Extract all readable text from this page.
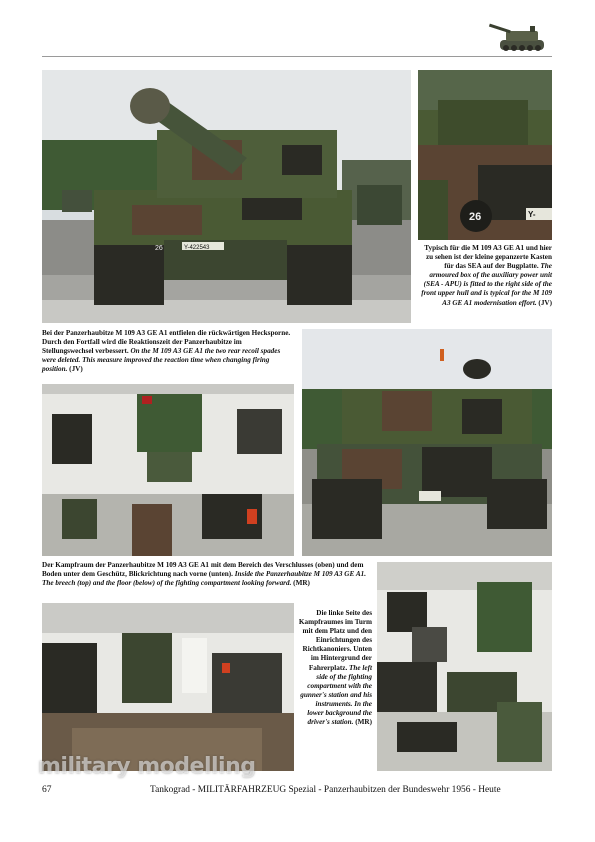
Y-422543
26
26	Y-
Typisch für die M 109 A3 GE A1 und hier zu sehen ist der kleine gepanzerte Kasten für das SEA auf der Bugplatte. The armoured box of the auxiliary power unit (SEA - APU) is fitted to the right side of the front upper hull and is typical for the M 109 A3 GE A1 modernisation effort. (JV)
Bei der Panzerhaubitze M 109 A3 GE A1 entfielen die rückwärtigen Hecksporne. Durch den Fortfall wird die Reaktionszeit der Panzerhaubitze im Stellungswechsel verbessert. On the M 109 A3 GE A1 the two rear recoil spades were deleted. This measure improved the reaction time when changing firing position. (JV)
Der Kampfraum der Panzerhaubitze M 109 A3 GE A1 mit dem Bereich des Verschlusses (oben) und dem Boden unter dem Geschütz, Blickrichtung nach vorne (unten). Inside the Panzerhaubitze M 109 A3 GE A1. The breech (top) and the floor (below) of the fighting compartment looking forward. (MR)
Die linke Seite des Kampfraumes im Turm mit dem Platz und den Einrichtungen des Richtkanoniers. Unten im Hintergrund der Fahrerplatz. The left side of the fighting compartment with the gunner's station and his instruments. In the lower background the driver's station. (MR)
military modelling
67	Tankograd - MILITÄRFAHRZEUG Spezial - Panzerhaubitzen der Bundeswehr 1956 - Heute
